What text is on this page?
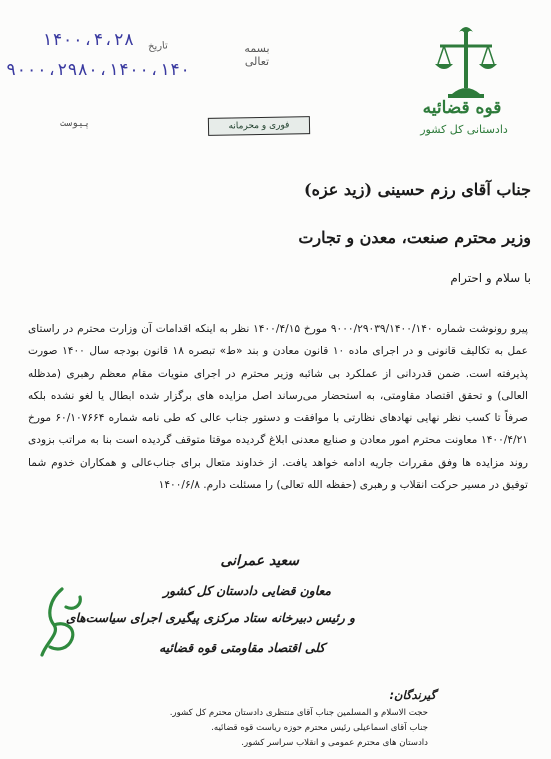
قوه قضائیه
دادستانی کل کشور
۱۴۰۰،۴،۲۸
۹۰۰۰،۲۹۸۰،۱۴۰۰،۱۴۰
تاریخ
پیوست
بسمه تعالی
فوری و محرمانه
جناب آقای رزم حسینی (زید عزه)
وزیر محترم صنعت، معدن و تجارت
با سلام و احترام
پیرو رونوشت شماره ۹۰۰۰/۲۹۰۳۹/۱۴۰۰/۱۴۰ مورخ ۱۴۰۰/۴/۱۵ نظر به اینکه اقدامات آن وزارت محترم در راستای عمل به تکالیف قانونی و در اجرای ماده ۱۰ قانون معادن و بند «ط» تبصره ۱۸ قانون بودجه سال ۱۴۰۰ صورت پذیرفته است. ضمن قدردانی از عملکرد بی شائبه وزیر محترم در اجرای منویات مقام معظم رهبری (مدظله العالی) و تحقق اقتصاد مقاومتی، به استحضار می‌رساند اصل مزایده های برگزار شده ابطال یا لغو نشده بلکه صرفاً تا کسب نظر نهایی نهادهای نظارتی با موافقت و دستور جناب عالی که طی نامه شماره ۶۰/۱۰۷۶۶۴ مورخ ۱۴۰۰/۴/۲۱ معاونت محترم امور معادن و صنایع معدنی ابلاغ گردیده موقتا متوقف گردیده است بنا به مراتب بزودی روند مزایده ها وفق مقررات جاریه ادامه خواهد یافت. از خداوند متعال برای جناب‌عالی و همکاران خدوم شما توفیق در مسیر حرکت انقلاب و رهبری (حفظه الله تعالی) را مسئلت دارم. ۱۴۰۰/۶/۸
سعید عمرانی
معاون قضایی دادستان کل کشور
و رئیس دبیرخانه ستاد مرکزی پیگیری اجرای سیاست‌های
کلی اقتصاد مقاومتی قوه قضائیه
گیرندگان:
حجت الاسلام و المسلمین جناب آقای منتظری دادستان محترم کل کشور.
جناب آقای اسماعیلی رئیس محترم حوزه ریاست قوه قضائیه.
دادستان های محترم عمومی و انقلاب سراسر کشور.
